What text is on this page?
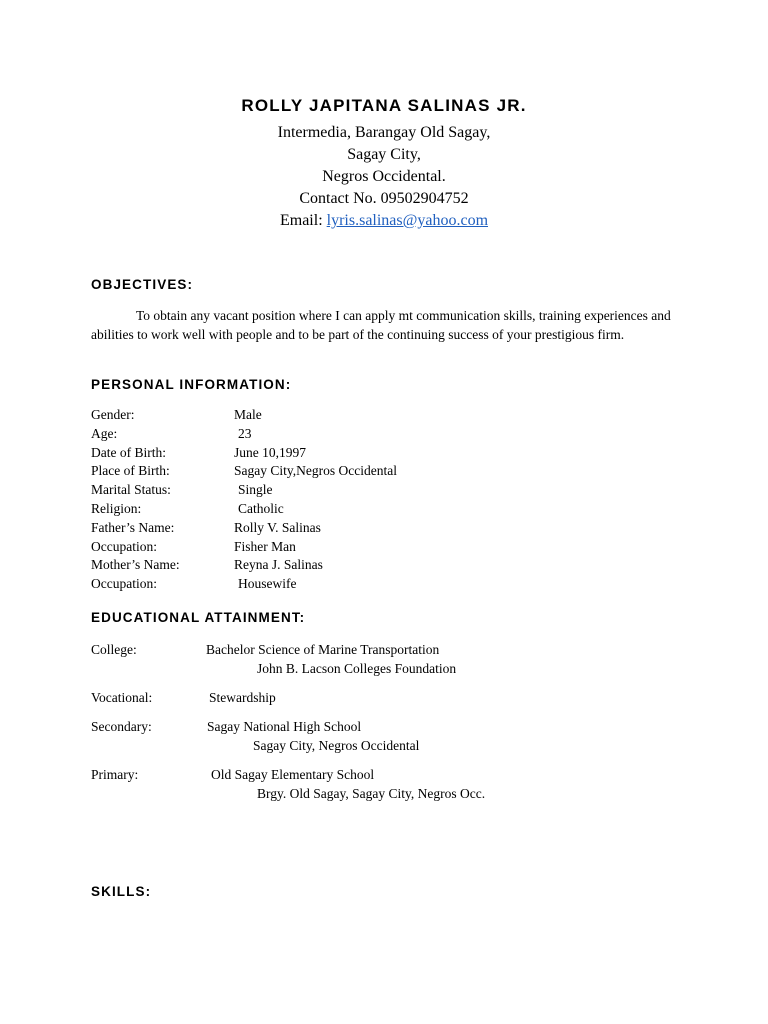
ROLLY JAPITANA SALINAS JR.

Intermedia, Barangay Old Sagay,

Sagay City,

Negros Occidental.

Contact No. 09502904752

Email: lyris.salinas@yahoo.com

OBJECTIVES:

To obtain any vacant position where I can apply mt communication skills, training experiences and abilities to work well with people and to be part of the continuing success of your prestigious firm.

PERSONAL INFORMATION:
Gender:	Male
Age:	23
Date of Birth:	June 10,1997
Place of Birth:	Sagay City,Negros Occidental
Marital Status:	Single
Religion:	Catholic
Father’s Name:	Rolly V. Salinas
Occupation:	Fisher Man
Mother’s Name:	Reyna J. Salinas
Occupation:	Housewife
EDUCATIONAL ATTAINMENT:
College:	Bachelor Science of Marine Transportation
John B. Lacson Colleges Foundation
Vocational:	Stewardship
Secondary:	Sagay National High School
Sagay City, Negros Occidental
Primary:	Old Sagay Elementary School
Brgy. Old Sagay, Sagay City, Negros Occ.
SKILLS:
